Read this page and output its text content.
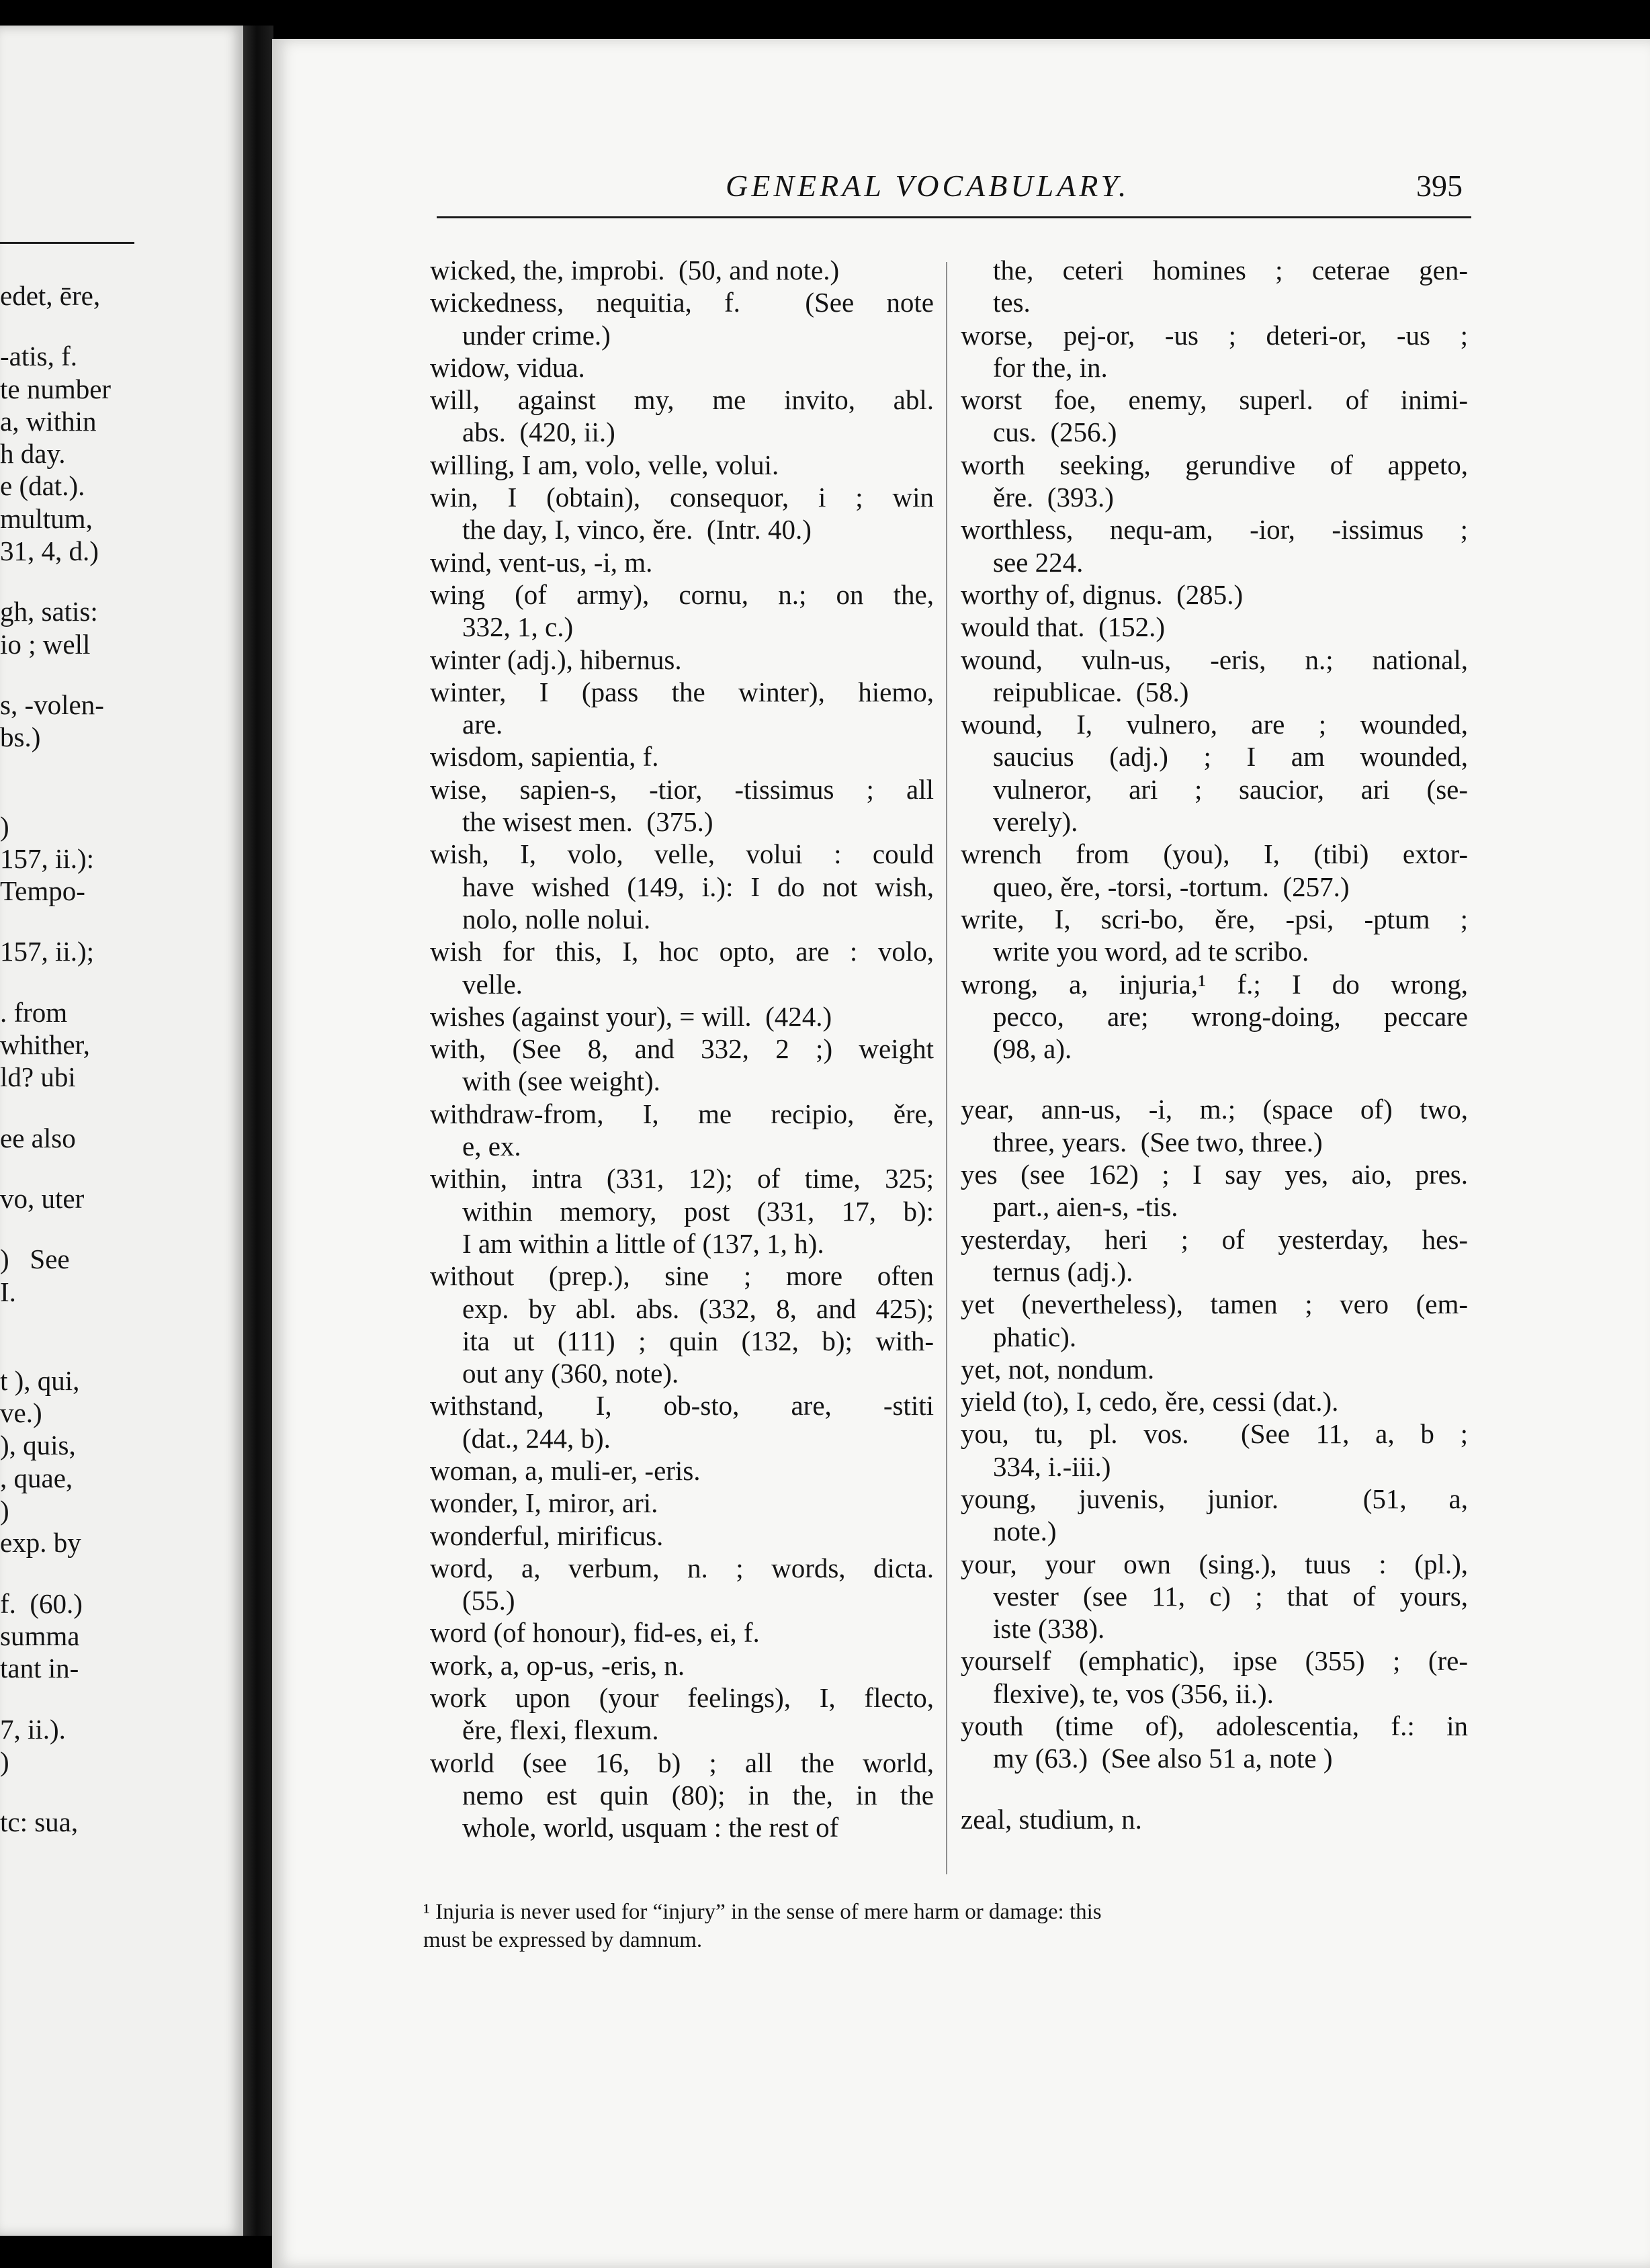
edet, ēre,
-atis, f.
te number
a, within
h day.
e (dat.).
multum,
31, 4, d.)
gh, satis:
io ; well
s, -volen-
bs.)
)
157, ii.):
Tempo-
157, ii.);
. from
whither,
ld? ubi
ee also
vo, uter
)   See
I.
t ), qui,
ve.)
), quis,
, quae,
)
exp. by
f.  (60.)
summa
tant in-
7, ii.).
)
tc: sua,
GENERAL VOCABULARY.	395
wicked, the, improbi.  (50, and note.)
wickedness, nequitia, f.  (See note
under crime.)
widow, vidua.
will, against my, me invito, abl.
abs.  (420, ii.)
willing, I am, volo, velle, volui.
win, I (obtain), consequor, i ; win
the day, I, vinco, ěre.  (Intr. 40.)
wind, vent-us, -i, m.
wing (of army), cornu, n.; on the,
332, 1, c.)
winter (adj.), hibernus.
winter, I (pass the winter), hiemo,
are.
wisdom, sapientia, f.
wise, sapien-s, -tior, -tissimus ; all
the wisest men.  (375.)
wish, I, volo, velle, volui : could
have wished (149, i.): I do not wish,
nolo, nolle nolui.
wish for this, I, hoc opto, are : volo,
velle.
wishes (against your), = will.  (424.)
with, (See 8, and 332, 2 ;) weight
with (see weight).
withdraw-from, I, me recipio, ěre,
e, ex.
within, intra (331, 12); of time, 325;
within memory, post (331, 17, b):
I am within a little of (137, 1, h).
without (prep.), sine ; more often
exp. by abl. abs. (332, 8, and 425);
ita ut (111) ; quin (132, b); with-
out any (360, note).
withstand, I, ob-sto, are, -stiti
(dat., 244, b).
woman, a, muli-er, -eris.
wonder, I, miror, ari.
wonderful, mirificus.
word, a, verbum, n. ; words, dicta.
(55.)
word (of honour), fid-es, ei, f.
work, a, op-us, -eris, n.
work upon (your feelings), I, flecto,
ěre, flexi, flexum.
world (see 16, b) ; all the world,
nemo est quin (80); in the, in the
whole, world, usquam : the rest of
the, ceteri homines ; ceterae gen-
tes.
worse, pej-or, -us ; deteri-or, -us ;
for the, in.
worst foe, enemy, superl. of inimi-
cus.  (256.)
worth seeking, gerundive of appeto,
ěre.  (393.)
worthless, nequ-am, -ior, -issimus ;
see 224.
worthy of, dignus.  (285.)
would that.  (152.)
wound, vuln-us, -eris, n.; national,
reipublicae.  (58.)
wound, I, vulnero, are ; wounded,
saucius (adj.) ; I am wounded,
vulneror, ari ; saucior, ari (se-
verely).
wrench from (you), I, (tibi) extor-
queo, ěre, -torsi, -tortum.  (257.)
write, I, scri-bo, ěre, -psi, -ptum ;
write you word, ad te scribo.
wrong, a, injuria,¹ f.; I do wrong,
pecco, are; wrong-doing, peccare
(98, a).
year, ann-us, -i, m.; (space of) two,
three, years.  (See two, three.)
yes (see 162) ; I say yes, aio, pres.
part., aien-s, -tis.
yesterday, heri ; of yesterday, hes-
ternus (adj.).
yet (nevertheless), tamen ; vero (em-
phatic).
yet, not, nondum.
yield (to), I, cedo, ěre, cessi (dat.).
you, tu, pl. vos.  (See 11, a, b ;
334, i.-iii.)
young, juvenis, junior.  (51, a,
note.)
your, your own (sing.), tuus : (pl.),
vester (see 11, c) ; that of yours,
iste (338).
yourself (emphatic), ipse (355) ; (re-
flexive), te, vos (356, ii.).
youth (time of), adolescentia, f.: in
my (63.)  (See also 51 a, note )
zeal, studium, n.
¹ Injuria is never used for “injury” in the sense of mere harm or damage: this
must be expressed by damnum.
